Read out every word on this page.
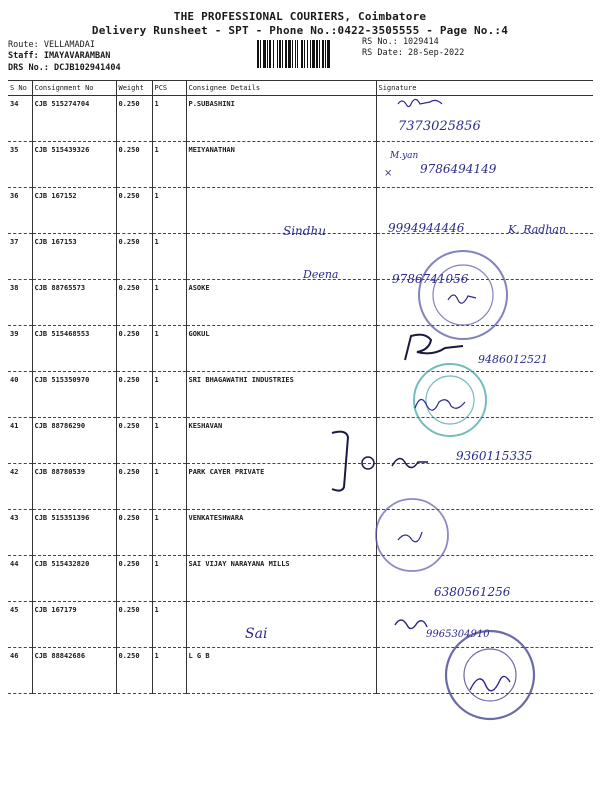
THE PROFESSIONAL COURIERS, Coimbatore
Delivery Runsheet - SPT - Phone No.:0422-3505555 - Page No.:4
Route: VELLAMADAI
Staff: IMAYAVARAMBAN
DRS No.: DCJB102941404
RS No.: 1029414
RS Date: 28-Sep-2022
S No	Consignment No	Weight	PCS	Consignee Details	Signature
34	CJB 515274704	0.250	1	P.SUBASHINI	
35	CJB 515439326	0.250	1	MEIYANATHAN	
36	CJB 167152	0.250	1		
37	CJB 167153	0.250	1		
38	CJB 88765573	0.250	1	ASOKE	
39	CJB 515468553	0.250	1	GOKUL	
40	CJB 515350970	0.250	1	SRI BHAGAWATHI INDUSTRIES	
41	CJB 88786290	0.250	1	KESHAVAN	
42	CJB 88780539	0.250	1	PARK CAYER PRIVATE	
43	CJB 515351396	0.250	1	VENKATESHWARA	
44	CJB 515432820	0.250	1	SAI VIJAY NARAYANA MILLS	
45	CJB 167179	0.250	1		
46	CJB 88842686	0.250	1	L G B	
7373025856
M.yan
9786494149
×
Sindhu	9994944446	K. Radhan
Deena	9786741056
9486012521
9360115335
6380561256
Sai	9965304910
